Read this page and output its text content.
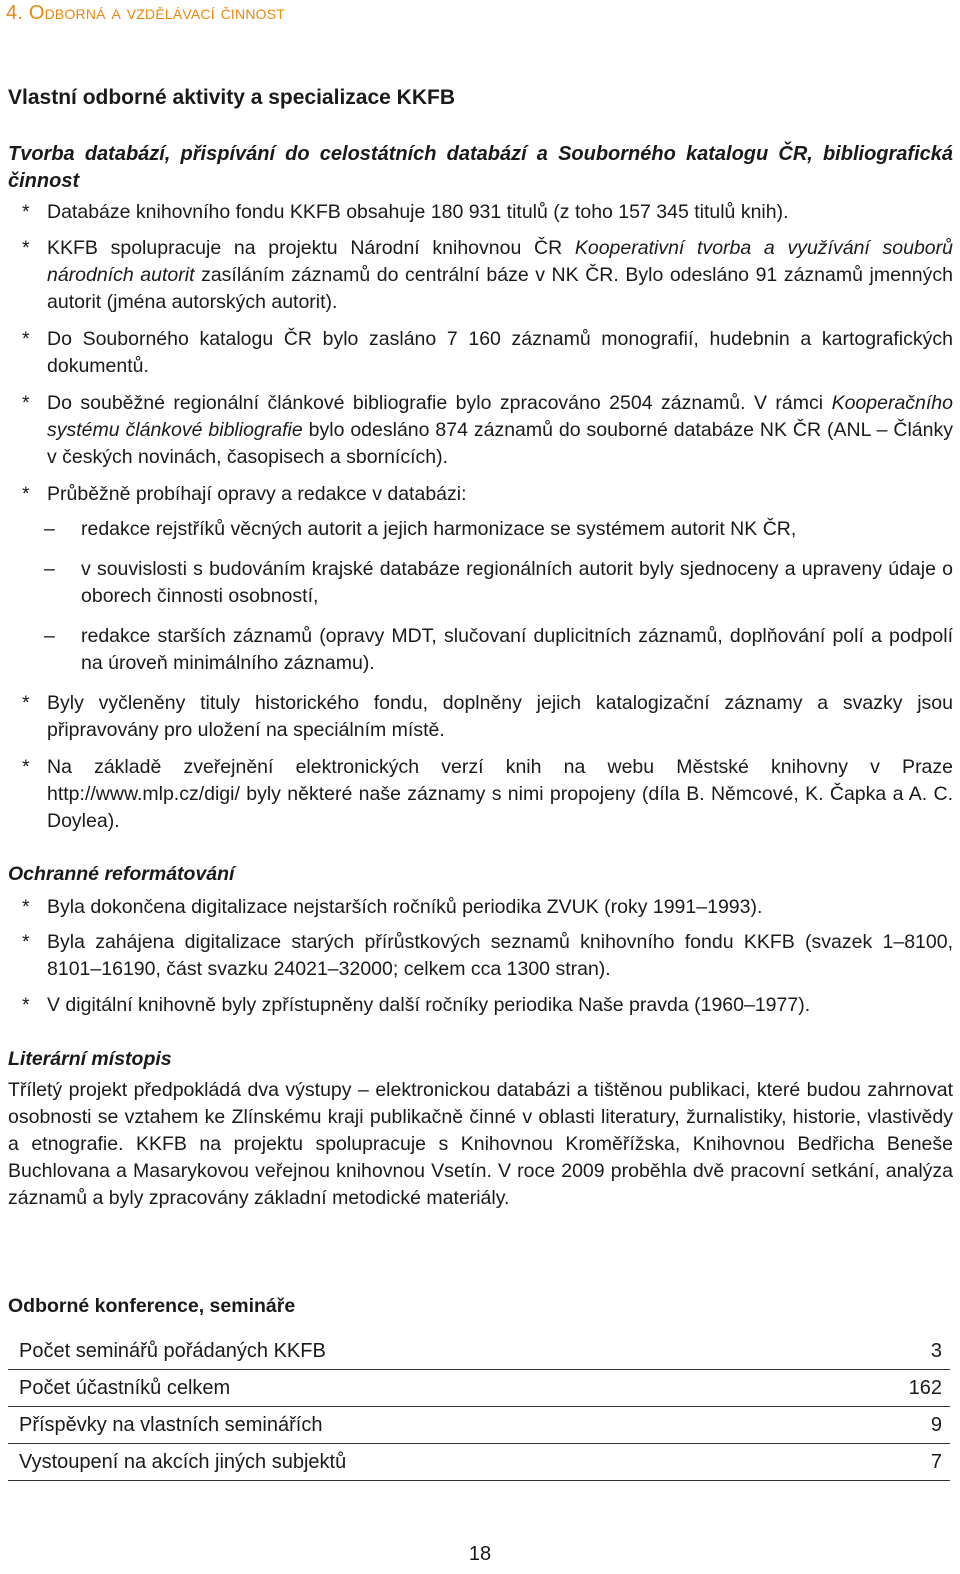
4. Odborná a vzdělávací činnost
Vlastní odborné aktivity a specializace KKFB

Tvorba databází, přispívání do celostátních databází a Souborného katalogu ČR, bibliografická činnost

* Databáze knihovního fondu KKFB obsahuje 180 931 titulů (z toho 157 345 titulů knih).

* KKFB spolupracuje na projektu Národní knihovnou ČR Kooperativní tvorba a využívání souborů národních autorit zasíláním záznamů do centrální báze v NK ČR. Bylo odesláno 91 záznamů jmenných autorit (jména autorských autorit).

* Do Souborného katalogu ČR bylo zasláno 7 160 záznamů monografií, hudebnin a kartografických dokumentů.

* Do souběžné regionální článkové bibliografie bylo zpracováno 2504 záznamů. V rámci Kooperačního systému článkové bibliografie bylo odesláno 874 záznamů do souborné databáze NK ČR (ANL – Články v českých novinách, časopisech a sbornících).

* Průběžně probíhají opravy a redakce v databázi:

– redakce rejstříků věcných autorit a jejich harmonizace se systémem autorit NK ČR,

– v souvislosti s budováním krajské databáze regionálních autorit byly sjednoceny a upraveny údaje o oborech činnosti osobností,

– redakce starších záznamů (opravy MDT, slučovaní duplicitních záznamů, doplňování polí a podpolí na úroveň minimálního záznamu).

* Byly vyčleněny tituly historického fondu, doplněny jejich katalogizační záznamy a svazky jsou připravovány pro uložení na speciálním místě.

* Na základě zveřejnění elektronických verzí knih na webu Městské knihovny v Praze http://www.mlp.cz/digi/ byly některé naše záznamy s nimi propojeny (díla B. Němcové, K. Čapka a A. C. Doylea).

Ochranné reformátování

* Byla dokončena digitalizace nejstarších ročníků periodika ZVUK (roky 1991–1993).

* Byla zahájena digitalizace starých přírůstkových seznamů knihovního fondu KKFB (svazek 1–8100, 8101–16190, část svazku 24021–32000; celkem cca 1300 stran).

* V digitální knihovně byly zpřístupněny další ročníky periodika Naše pravda (1960–1977).

Literární místopis

Tříletý projekt předpokládá dva výstupy – elektronickou databázi a tištěnou publikaci, které budou zahrnovat osobnosti se vztahem ke Zlínskému kraji publikačně činné v oblasti literatury, žurnalistiky, historie, vlastivědy a etnografie. KKFB na projektu spolupracuje s Knihovnou Kroměřížska, Knihovnou Bedřicha Beneše Buchlovana a Masarykovou veřejnou knihovnou Vsetín. V roce 2009 proběhla dvě pracovní setkání, analýza záznamů a byly zpracovány základní metodické materiály.

Odborné konference, semináře

Počet seminářů pořádaných KKFB	3
Počet účastníků celkem	162
Příspěvky na vlastních seminářích	9
Vystoupení na akcích jiných subjektů	7
18
